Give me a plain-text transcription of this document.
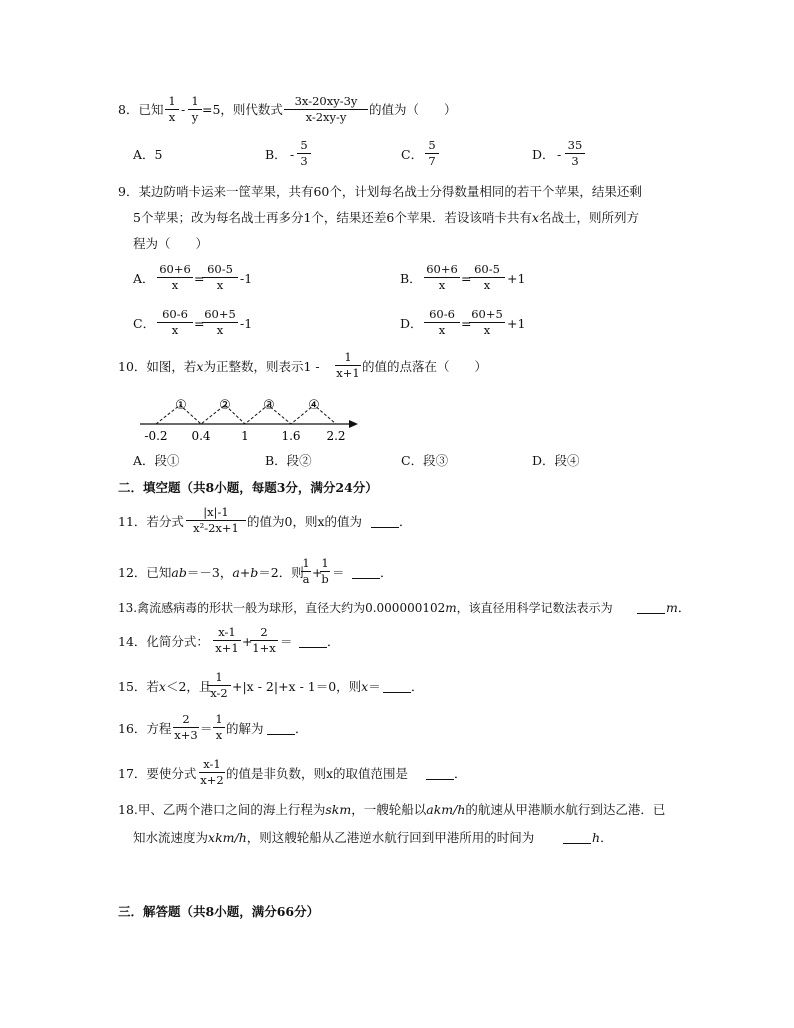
8．已知 $\frac{1}{x} - \frac{1}{y} =5$，则代数式 $\frac{3x-20xy-3y}{x-2xy-y}$ 的值为（　　）
A．5	B． - $\frac{5}{3}$	C． $\frac{5}{7}$	D． - $\frac{35}{3}$
9．某边防哨卡运来一筐苹果，共有60个，计划每名战士分得数量相同的若干个苹果，结果还剩
5个苹果；改为每名战士再多分1个，结果还差6个苹果．若设该哨卡共有x名战士，则所列方
程为（　　）
A． $\frac{60+6}{x}$ =
$\frac{60-5}{x} -1$	B． $\frac{60+6}{x}$ =
$\frac{60-5}{x} +1$
C． $\frac{60-6}{x}$ =
$\frac{60+5}{x} -1$	D． $\frac{60-6}{x}$ =
$\frac{60+5}{x} +1$
10．如图，若x为正整数，则表示$1 - \frac{1}{x+1}$ 的值的点落在（　　）
① ② ③	④
-0.2 0.4	1	1.6 2.2
A．段①	B．段②	C．段③	D．段④
二．填空题（共8小题，每题3分，满分24分）
11．若分式 $\frac{|x|-1}{\text{x²-2x+1}}$ 的值为0，则x的值为	．
12．已知ab＝－3，a+b＝2．则
$\frac{1}{a}$ +
$\frac{1}{b}$ ＝	．
13.禽流感病毒的形状一般为球形，直径大约为0.000000102m，该直径用科学记数法表示为	m．
14．化简分式： $\frac{x-1}{x+1}$ +
$\frac{2}{1+x}$ ＝	．
15．若x＜2，且
$\frac{1}{x-2} +|x - 2|+x - 1=0$，则x＝ ．
16．方程 $\frac{2}{x+3} = \frac{1}{x}$ 的解为	．
17．要使分式 $\frac{x-1}{x+2}$ 的值是非负数，则x的取值范围是	．
18.甲、乙两个港口之间的海上行程为skm，一艘轮船以akm/h的航速从甲港顺水航行到达乙港．已
知水流速度为xkm/h，则这艘轮船从乙港逆水航行回到甲港所用的时间为	h．
三．解答题（共8小题，满分66分）
